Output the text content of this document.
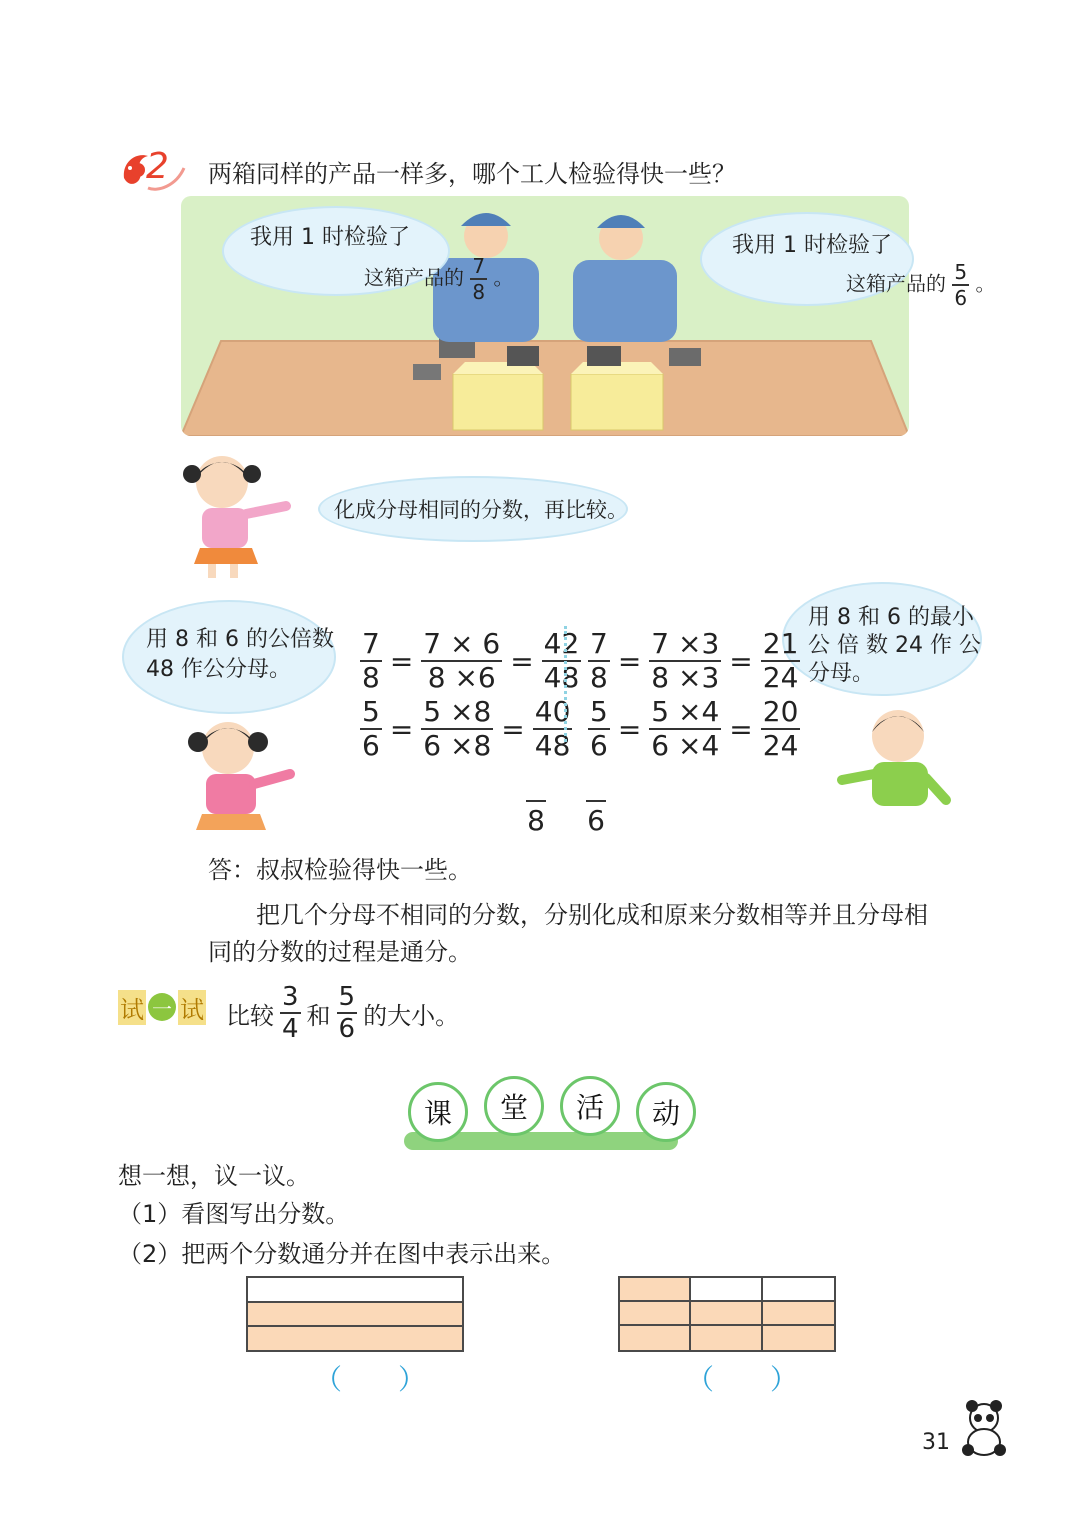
2 两箱同样的产品一样多，哪个工人检验得快一些？
我用 1 时检验了
这箱产品的 $\frac{7}{8}$ 。
我用 1 时检验了
这箱产品的 $\frac{5}{6}$ 。
化成分母相同的分数，再比较。
用 8 和 6 的公倍数
48 作公分母。
用 8 和 6 的最小
公 倍 数 24 作 公
分母。
$\frac{7}{8} = \frac{7 \times 6}{8 \times 6} = \frac{42}{48}$
$\frac{5}{6} = \frac{5 \times 8}{6 \times 8} = \frac{40}{48}$
$\frac{7}{8} = \frac{7 \times 3}{8 \times 3} = \frac{21}{24}$
$\frac{5}{6} = \frac{5 \times 4}{6 \times 4} = \frac{20}{24}$
8 6
答：叔叔检验得快一些。
把几个分母不相同的分数，分别化成和原来分数相等并且分母相
同的分数的过程是通分。
试 一 试 比较 $\frac{3}{4}$ 和 $\frac{5}{6}$ 的大小。
课	堂	活	动
想一想，议一议。
（1）看图写出分数。
（2）把两个分数通分并在图中表示出来。
（　　）	（　　）
31
